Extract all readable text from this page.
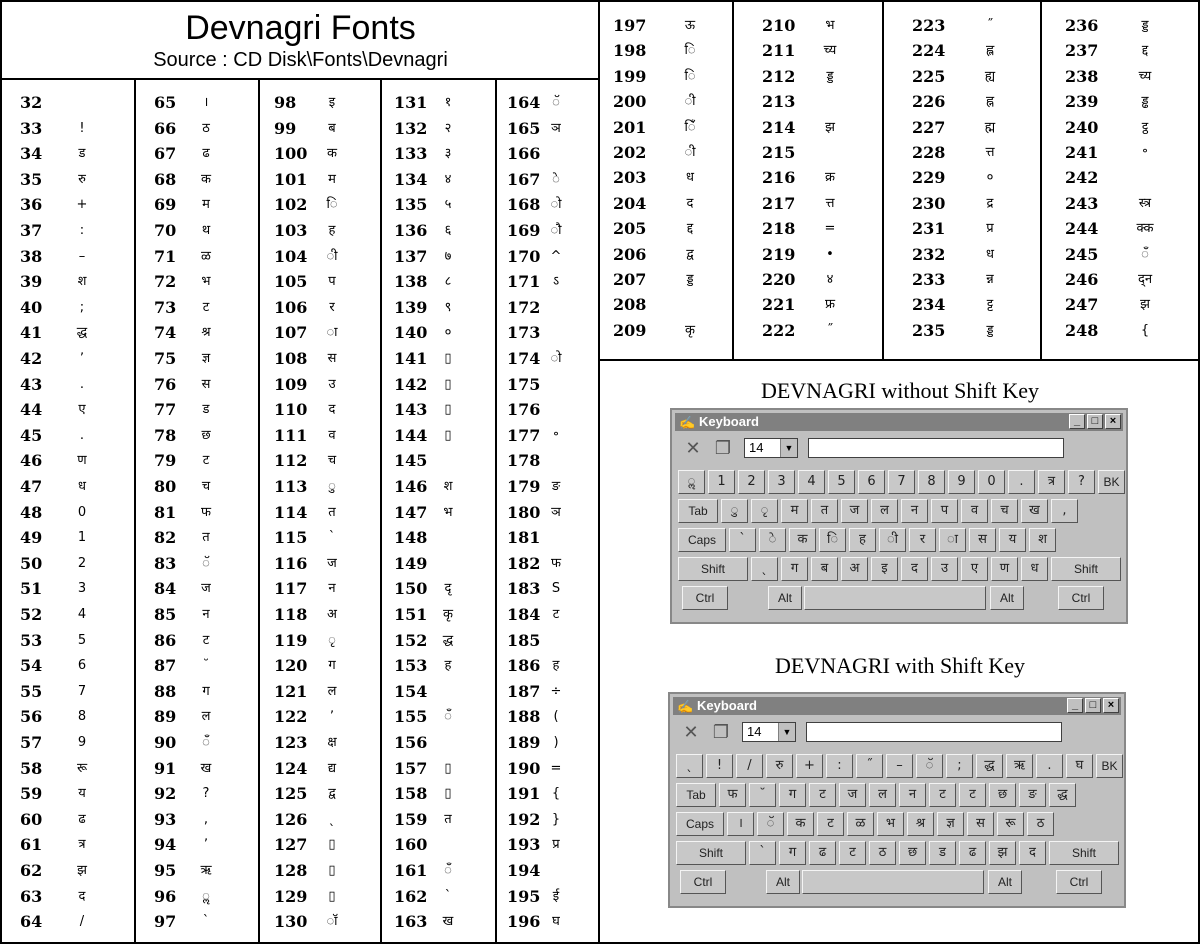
Devnagri Fonts
Source : CD Disk\Fonts\Devnagri
32
33	!
34	ड
35	रु
36	+
37	:
38	–
39	श
40	;
41	द्ध
42	ʼ
43	.
44	ए
45	.
46	ण
47	ध
48	0
49	1
50	2
51	3
52	4
53	5
54	6
55	7
56	8
57	9
58	रू
59	य
60	ढ
61	त्र
62	झ
63	द
64	/
65	।
66	ठ
67	ढ
68	क
69	म
70	थ
71	ळ
72	भ
73	ट
74	श्र
75	ज्ञ
76	स
77	ड
78	छ
79	ट
80	च
81	फ
82	त
83	ॅ
84	ज
85	न
86	ट
87	˘
88	ग
89	ल
90	ँ
91	ख
92	?
93	,
94	ʼ
95	ऋ
96	ॢ
97	ˋ
98	इ
99	ब
100	क
101	म
102	ि
103	ह
104	ी
105	प
106	र
107	ा
108	स
109	उ
110	द
111	व
112	च
113	ु
114	त
115	ˋ
116	ज
117	न
118	अ
119	ृ
120	ग
121	ल
122	ʼ
123	क्ष
124	द्य
125	द्व
126	ˎ
127	▯
128	▯
129	▯
130	ॉ
131	१
132	२
133	३
134	४
135	५
136	६
137	७
138	८
139	९
140	०
141	▯
142	▯
143	▯
144	▯
145
146	श
147	भ
148
149
150	दृ
151	कृ
152	द्ध
153	ह
154
155	ँ
156
157	▯
158	▯
159	त
160
161	ँ
162	ˋ
163	ख
164 ॅ
165 ञ
166
167 े
168 ो
169 ौ
170 ^
171 ऽ
172
173
174 ो
175
176
177 ॰
178
179 ङ
180 ञ
181
182 फ
183 S
184 ट
185
186 ह
187 ÷
188	(
189	)
190 =
191 {
192 }
193 प्र
194
195 ई
196 घ
197	ऊ
198	ि
199	ि
200	ी
201	िँ
202	ी
203	ध
204	द
205	द्द
206	द्व
207	ड्ड
208
209	कृ
210	भ
211	च्य
212	ड्ड
213
214	झ
215
216	क्र
217	त्त
218	=
219	•
220	४
221	फ्र
222	˝
223	˝
224	ह्ल
225	ह्य
226	ह्न
227	ह्म
228	त्त
229	०
230	द्र
231	प्र
232	ध
233	न्न
234	ट्ट
235	ड्ड
236	ड्ड
237	द्द
238	च्य
239	ड्ढ
240	ट्ठ
241	॰
242
243	स्त्र
244	क्क
245	ँ
246	द्न
247	झ
248	{
DEVNAGRI without Shift Key
✍ Keyboard	_	□	×
✕ ❐	14	▼
ॢ	1	2	3	4	5	6	7	8	9	0	.	त्र	?	BK
Tab	ु	ृ	म	त	ज	ल	न	प	व	च	ख	,
Caps	ˋ	े	क	ि	ह	ी	र	ा	स	य	श
Shift	ˎ	ग	ब	अ	इ	द	उ	ए	ण	ध	Shift
Ctrl	Alt	Alt	Ctrl
DEVNAGRI with Shift Key
✍ Keyboard	_	□	×
✕ ❐	14	▼
ˎ	!	/	रु	+	:	˝	–	ॅ	;	द्ध	ऋ	.	घ	BK
Tab	फ	˘	ग	ट	ज	ल	न	ट	ट	छ	ङ	द्ध
Caps	।	ॅ	क	ट	ळ	भ	श्र	ज्ञ	स	रू	ठ
Shift	ˋ	ग	ढ	ट	ठ	छ	ड	ढ	झ	द	Shift
Ctrl	Alt	Alt	Ctrl
